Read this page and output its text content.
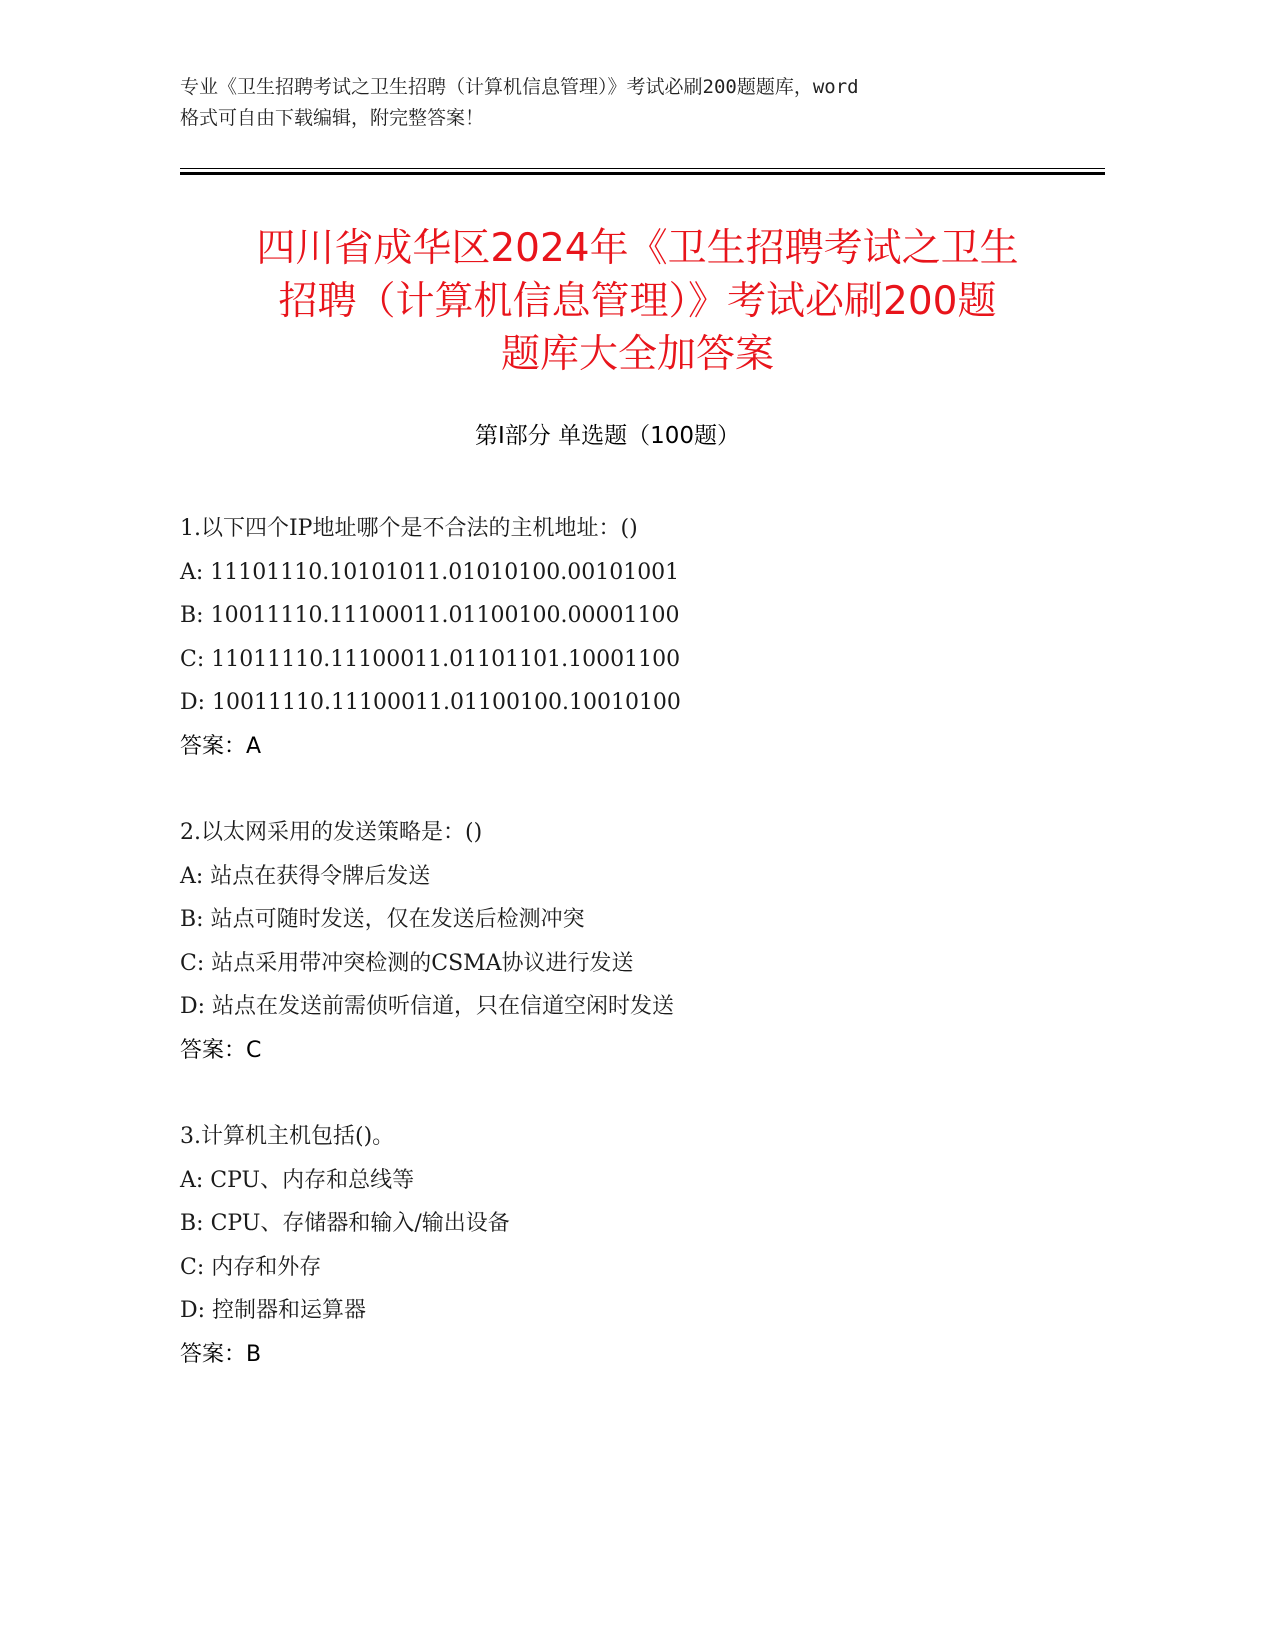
专业《卫生招聘考试之卫生招聘（计算机信息管理）》考试必刷200题题库，word
格式可自由下载编辑，附完整答案！
四川省成华区2024年《卫生招聘考试之卫生
招聘（计算机信息管理）》考试必刷200题
题库大全加答案
第Ⅰ部分 单选题（100题）
1.以下四个IP地址哪个是不合法的主机地址：()
A: 11101110.10101011.01010100.00101001
B: 10011110.11100011.01100100.00001100
C: 11011110.11100011.01101101.10001100
D: 10011110.11100011.01100100.10010100
答案：A
2.以太网采用的发送策略是：()
A: 站点在获得令牌后发送
B: 站点可随时发送，仅在发送后检测冲突
C: 站点采用带冲突检测的CSMA协议进行发送
D: 站点在发送前需侦听信道，只在信道空闲时发送
答案：C
3.计算机主机包括()。
A: CPU、内存和总线等
B: CPU、存储器和输入/输出设备
C: 内存和外存
D: 控制器和运算器
答案：B
